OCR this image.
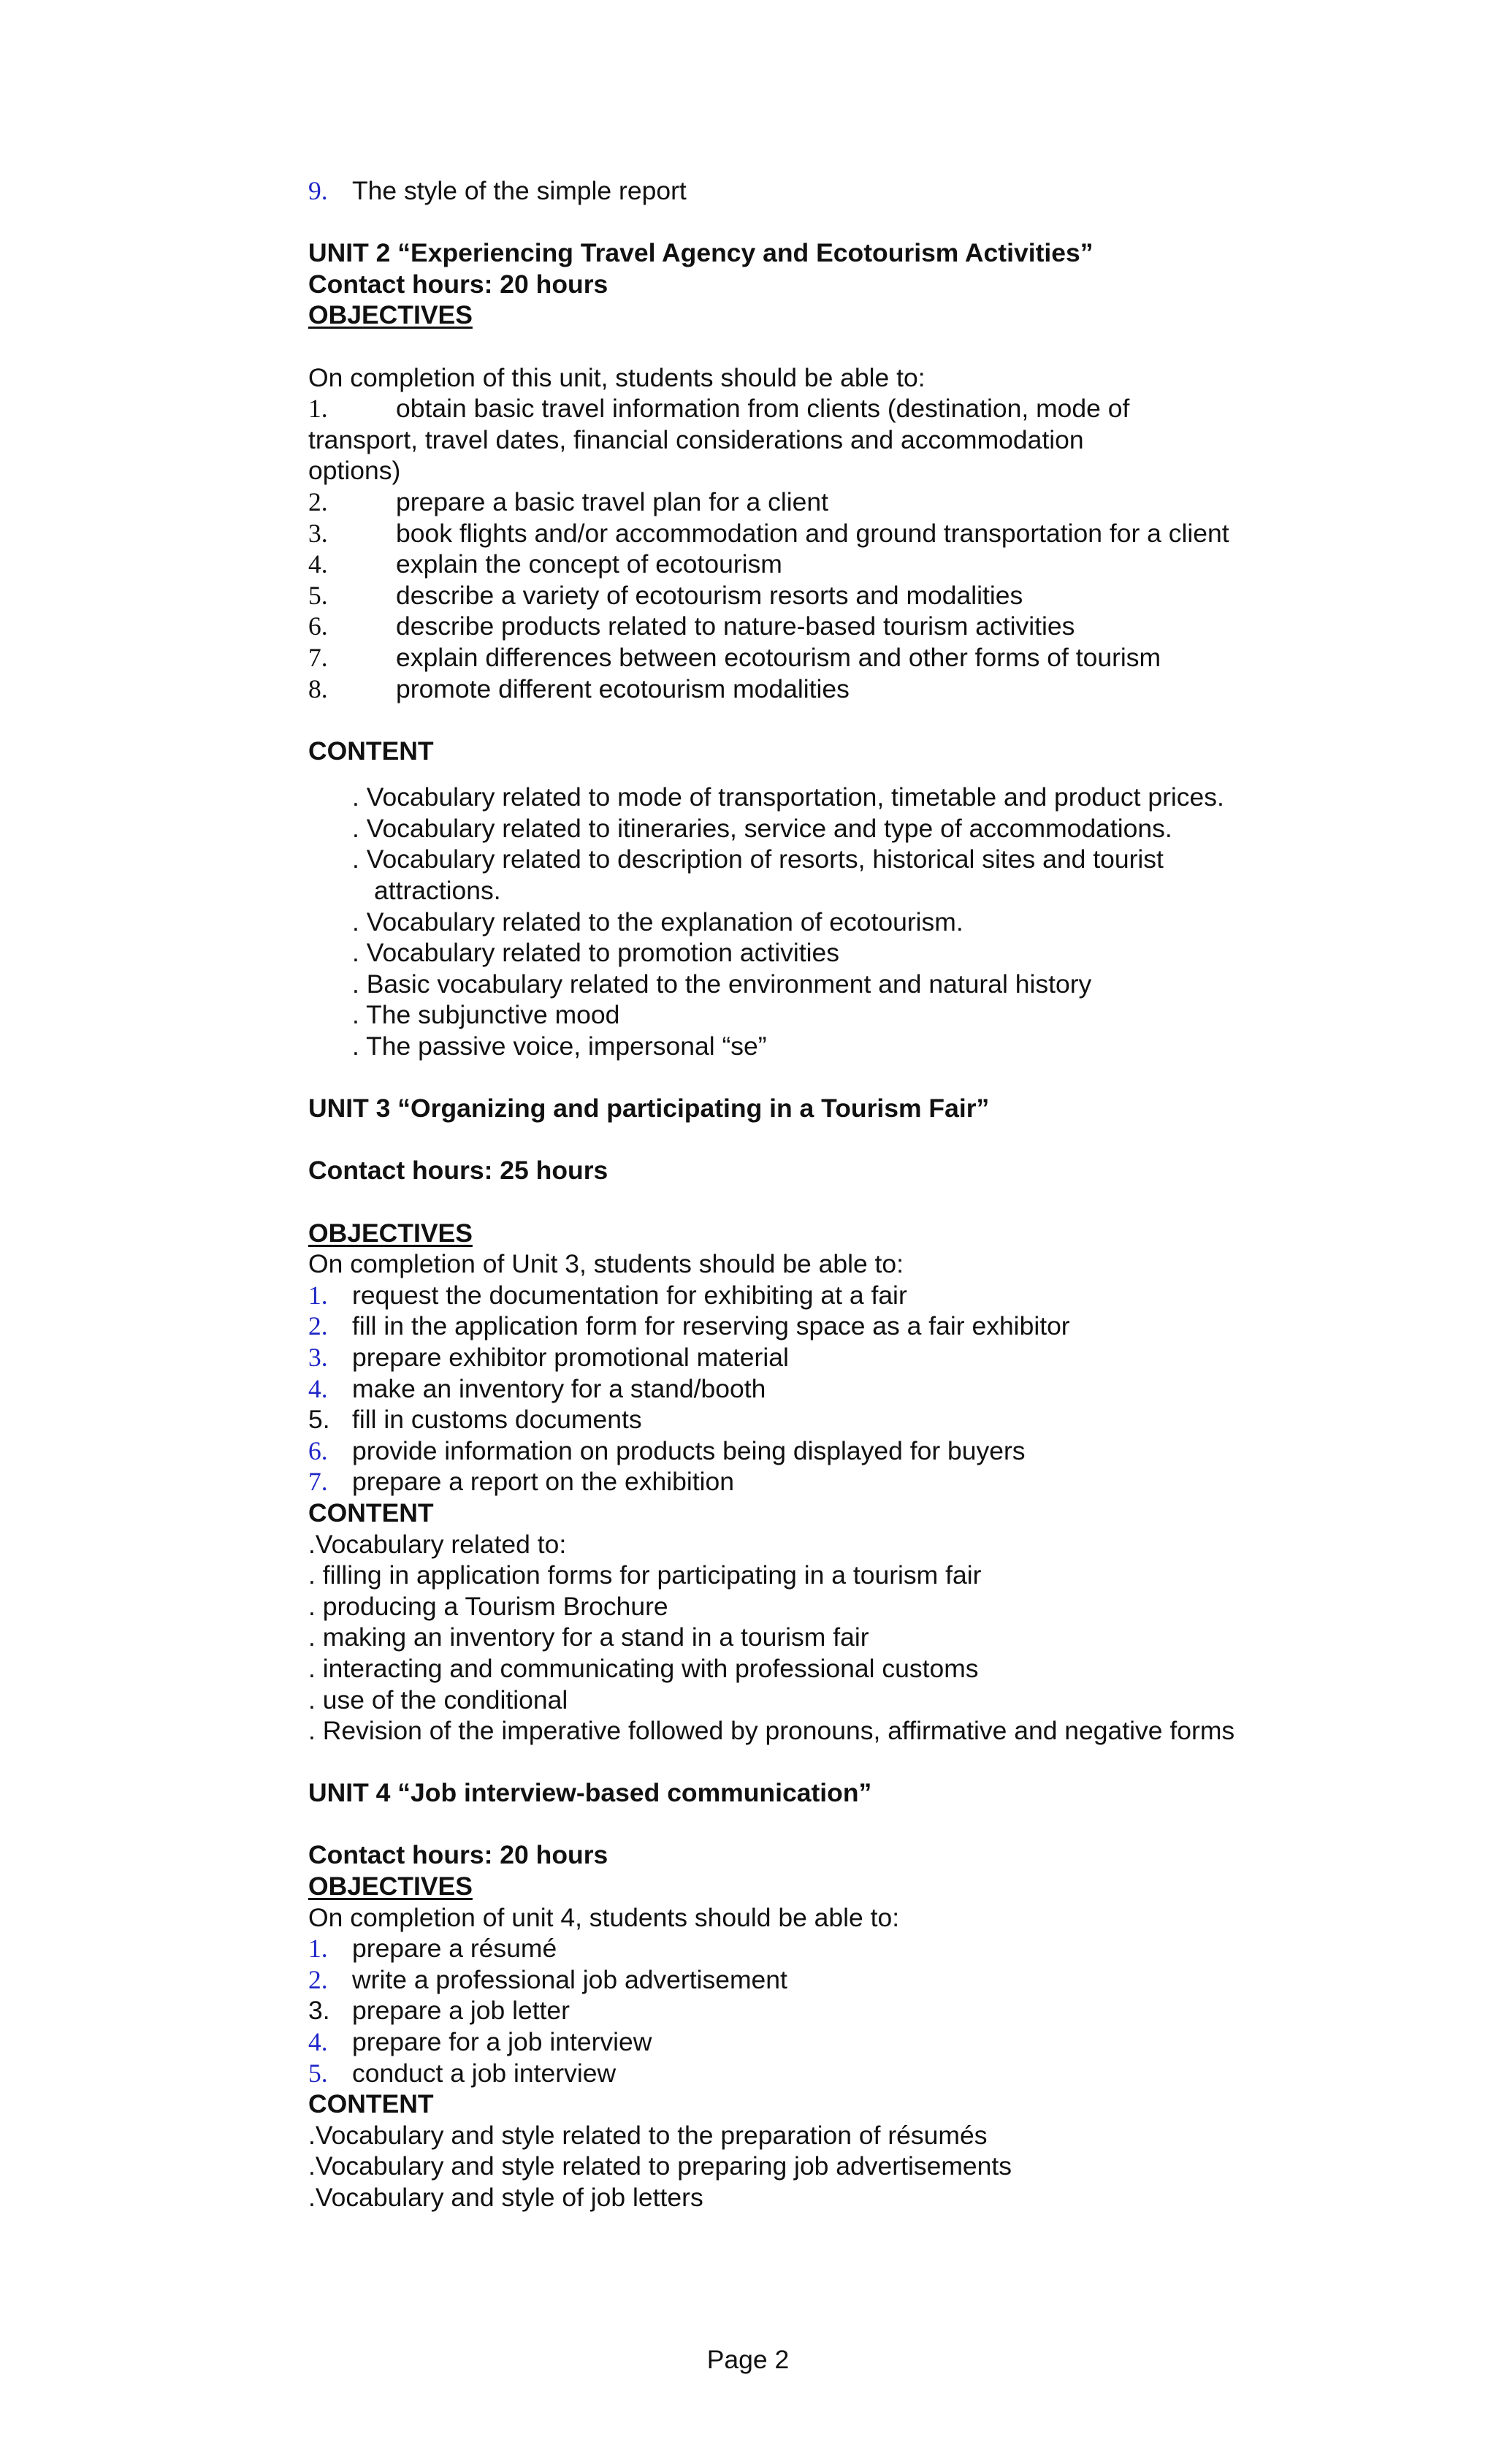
9. The style of the simple report
UNIT 2 “Experiencing Travel Agency and Ecotourism Activities”
Contact hours: 20 hours
OBJECTIVES
On completion of this unit, students should be able to:
1.	obtain basic travel information from clients (destination, mode of
transport, travel dates, financial considerations and accommodation
options)
2.	prepare a basic travel plan for a client
3.	book flights and/or accommodation and ground transportation for a client
4.	explain the concept of ecotourism
5.	describe a variety of ecotourism resorts and modalities
6.	describe products related to nature-based tourism activities
7.	explain differences between ecotourism and other forms of tourism
8.	promote different ecotourism modalities
CONTENT
. Vocabulary related to mode of transportation, timetable and product prices.
. Vocabulary related to itineraries, service and type of accommodations.
. Vocabulary related to description of resorts, historical sites and tourist
attractions.
. Vocabulary related to the explanation of ecotourism.
. Vocabulary related to promotion activities
. Basic vocabulary related to the environment and natural history
. The subjunctive mood
. The passive voice, impersonal “se”
UNIT 3 “Organizing and participating in a Tourism Fair”
Contact hours: 25 hours
OBJECTIVES
On completion of Unit 3, students should be able to:
1. request the documentation for exhibiting at a fair
2. fill in the application form for reserving space as a fair exhibitor
3. prepare exhibitor promotional material
4. make an inventory for a stand/booth
5. fill in customs documents
6. provide information on products being displayed for buyers
7. prepare a report on the exhibition
CONTENT
.Vocabulary related to:
. filling in application forms for participating in a tourism fair
. producing a Tourism Brochure
. making an inventory for a stand in a tourism fair
. interacting and communicating with professional customs
. use of the conditional
. Revision of the imperative followed by pronouns, affirmative and negative forms
UNIT 4 “Job interview-based communication”
Contact hours: 20 hours
OBJECTIVES
On completion of unit 4, students should be able to:
1. prepare a résumé
2. write a professional job advertisement
3. prepare a job letter
4. prepare for a job interview
5. conduct a job interview
CONTENT
.Vocabulary and style related to the preparation of résumés
.Vocabulary and style related to preparing job advertisements
.Vocabulary and style of job letters
Page 2
